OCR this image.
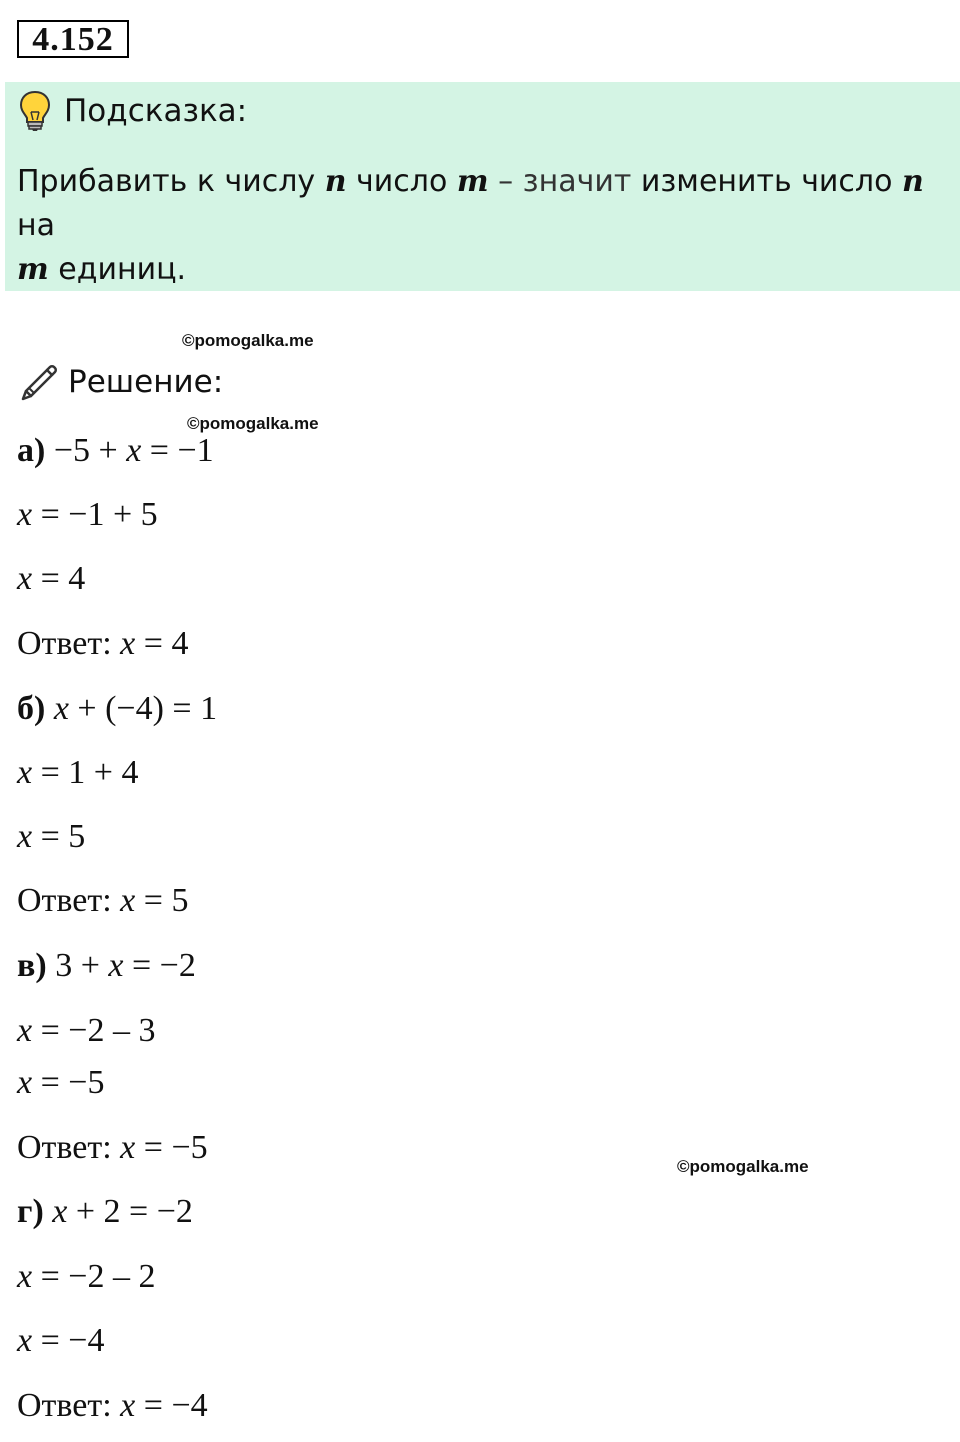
4.152
Подсказка:
Прибавить к числу n число m – значит изменить число n на
m единиц.
©pomogalka.me
Решение:
©pomogalka.me
а) −5 + x = −1
x = −1 + 5
x = 4
Ответ: x = 4
б) x + (−4) = 1
x = 1 + 4
x = 5
Ответ: x = 5
в) 3 + x = −2
x = −2 – 3
x = −5
Ответ: x = −5
©pomogalka.me
г) x + 2 = −2
x = −2 – 2
x = −4
Ответ: x = −4
